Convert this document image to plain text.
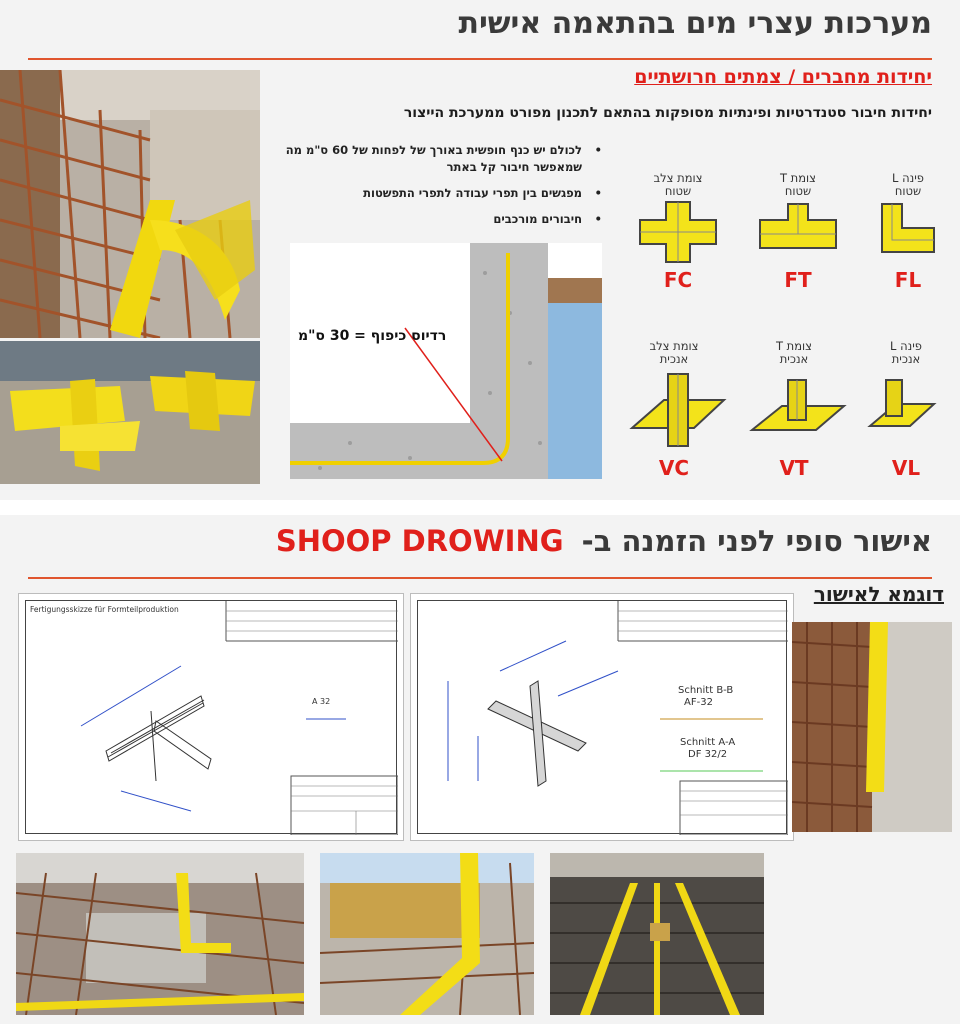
מערכות עצרי מים בהתאמה אישית
יחידות מחברים / צמתים חרושתיים
יחידות חיבור סטנדרטיות ופינתיות מסופקות בהתאם לתכנון מפורט ממערכת הייצור
•
לכולם יש כנף חופשית באורך של לפחות של 60 ס"מ מה שמאפשר חיבור קל באתר
•
מפגשים בין תפרי עבודה לתפרי התפשטות
•
חיבורים מורכבים
רדיוס כיפוף = 30 ס"מ
צומת צלב
שטוח
FC
צומת T
שטוח
FT
פינה L
שטוח
FL
צומת צלב
אנכית
VC
צומת T
אנכית
VT
פינה L
אנכית
VL
אישור סופי לפני הזמנה ב- SHOOP DROWING
דוגמא לאישור
Fertigungsskizze für Formteilproduktion
A 32
Schnitt B-B
AF-32
Schnitt A-A
DF 32/2
